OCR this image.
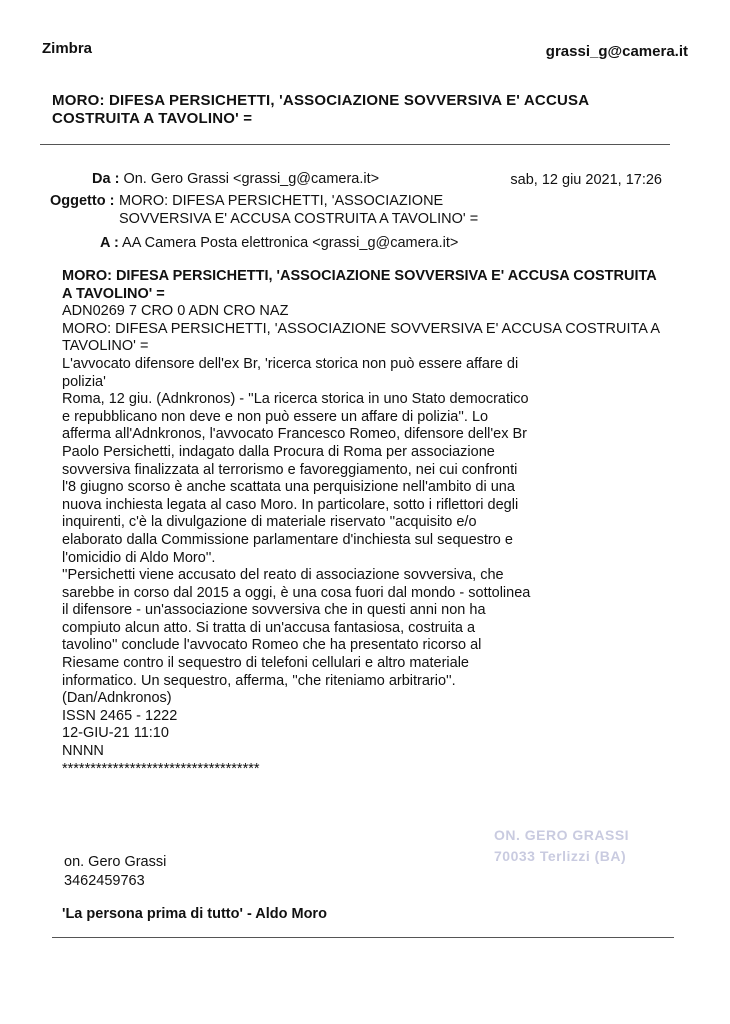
Zimbra	grassi_g@camera.it
MORO: DIFESA PERSICHETTI, 'ASSOCIAZIONE SOVVERSIVA E' ACCUSA COSTRUITA A TAVOLINO' =
Da : On. Gero Grassi <grassi_g@camera.it>	sab, 12 giu 2021, 17:26
Oggetto : MORO: DIFESA PERSICHETTI, 'ASSOCIAZIONE SOVVERSIVA E' ACCUSA COSTRUITA A TAVOLINO' =
A : AA Camera Posta elettronica <grassi_g@camera.it>

MORO: DIFESA PERSICHETTI, 'ASSOCIAZIONE SOVVERSIVA E' ACCUSA COSTRUITA A TAVOLINO' =

ADN0269 7 CRO 0 ADN CRO NAZ

MORO: DIFESA PERSICHETTI, 'ASSOCIAZIONE SOVVERSIVA E' ACCUSA COSTRUITA A TAVOLINO' =

L'avvocato difensore dell'ex Br, 'ricerca storica non può essere affare di polizia'

Roma, 12 giu. (Adnkronos) - ''La ricerca storica in uno Stato democratico e repubblicano non deve e non può essere un affare di polizia''. Lo afferma all'Adnkronos, l'avvocato Francesco Romeo, difensore dell'ex Br Paolo Persichetti, indagato dalla Procura di Roma per associazione sovversiva finalizzata al terrorismo e favoreggiamento, nei cui confronti l'8 giugno scorso è anche scattata una perquisizione nell'ambito di una nuova inchiesta legata al caso Moro. In particolare, sotto i riflettori degli inquirenti, c'è la divulgazione di materiale riservato ''acquisito e/o elaborato dalla Commissione parlamentare d'inchiesta sul sequestro e l'omicidio di Aldo Moro''.

''Persichetti viene accusato del reato di associazione sovversiva, che sarebbe in corso dal 2015 a oggi, è una cosa fuori dal mondo - sottolinea il difensore - un'associazione sovversiva che in questi anni non ha compiuto alcun atto. Si tratta di un'accusa fantasiosa, costruita a tavolino'' conclude l'avvocato Romeo che ha presentato ricorso al Riesame contro il sequestro di telefoni cellulari e altro materiale informatico. Un sequestro, afferma, ''che riteniamo arbitrario''.

(Dan/Adnkronos)

ISSN 2465 - 1222

12-GIU-21 11:10

NNNN

***********************************

ON. GERO GRASSI
70033 Terlizzi (BA)
on. Gero Grassi
3462459763
'La persona prima di tutto' - Aldo Moro
